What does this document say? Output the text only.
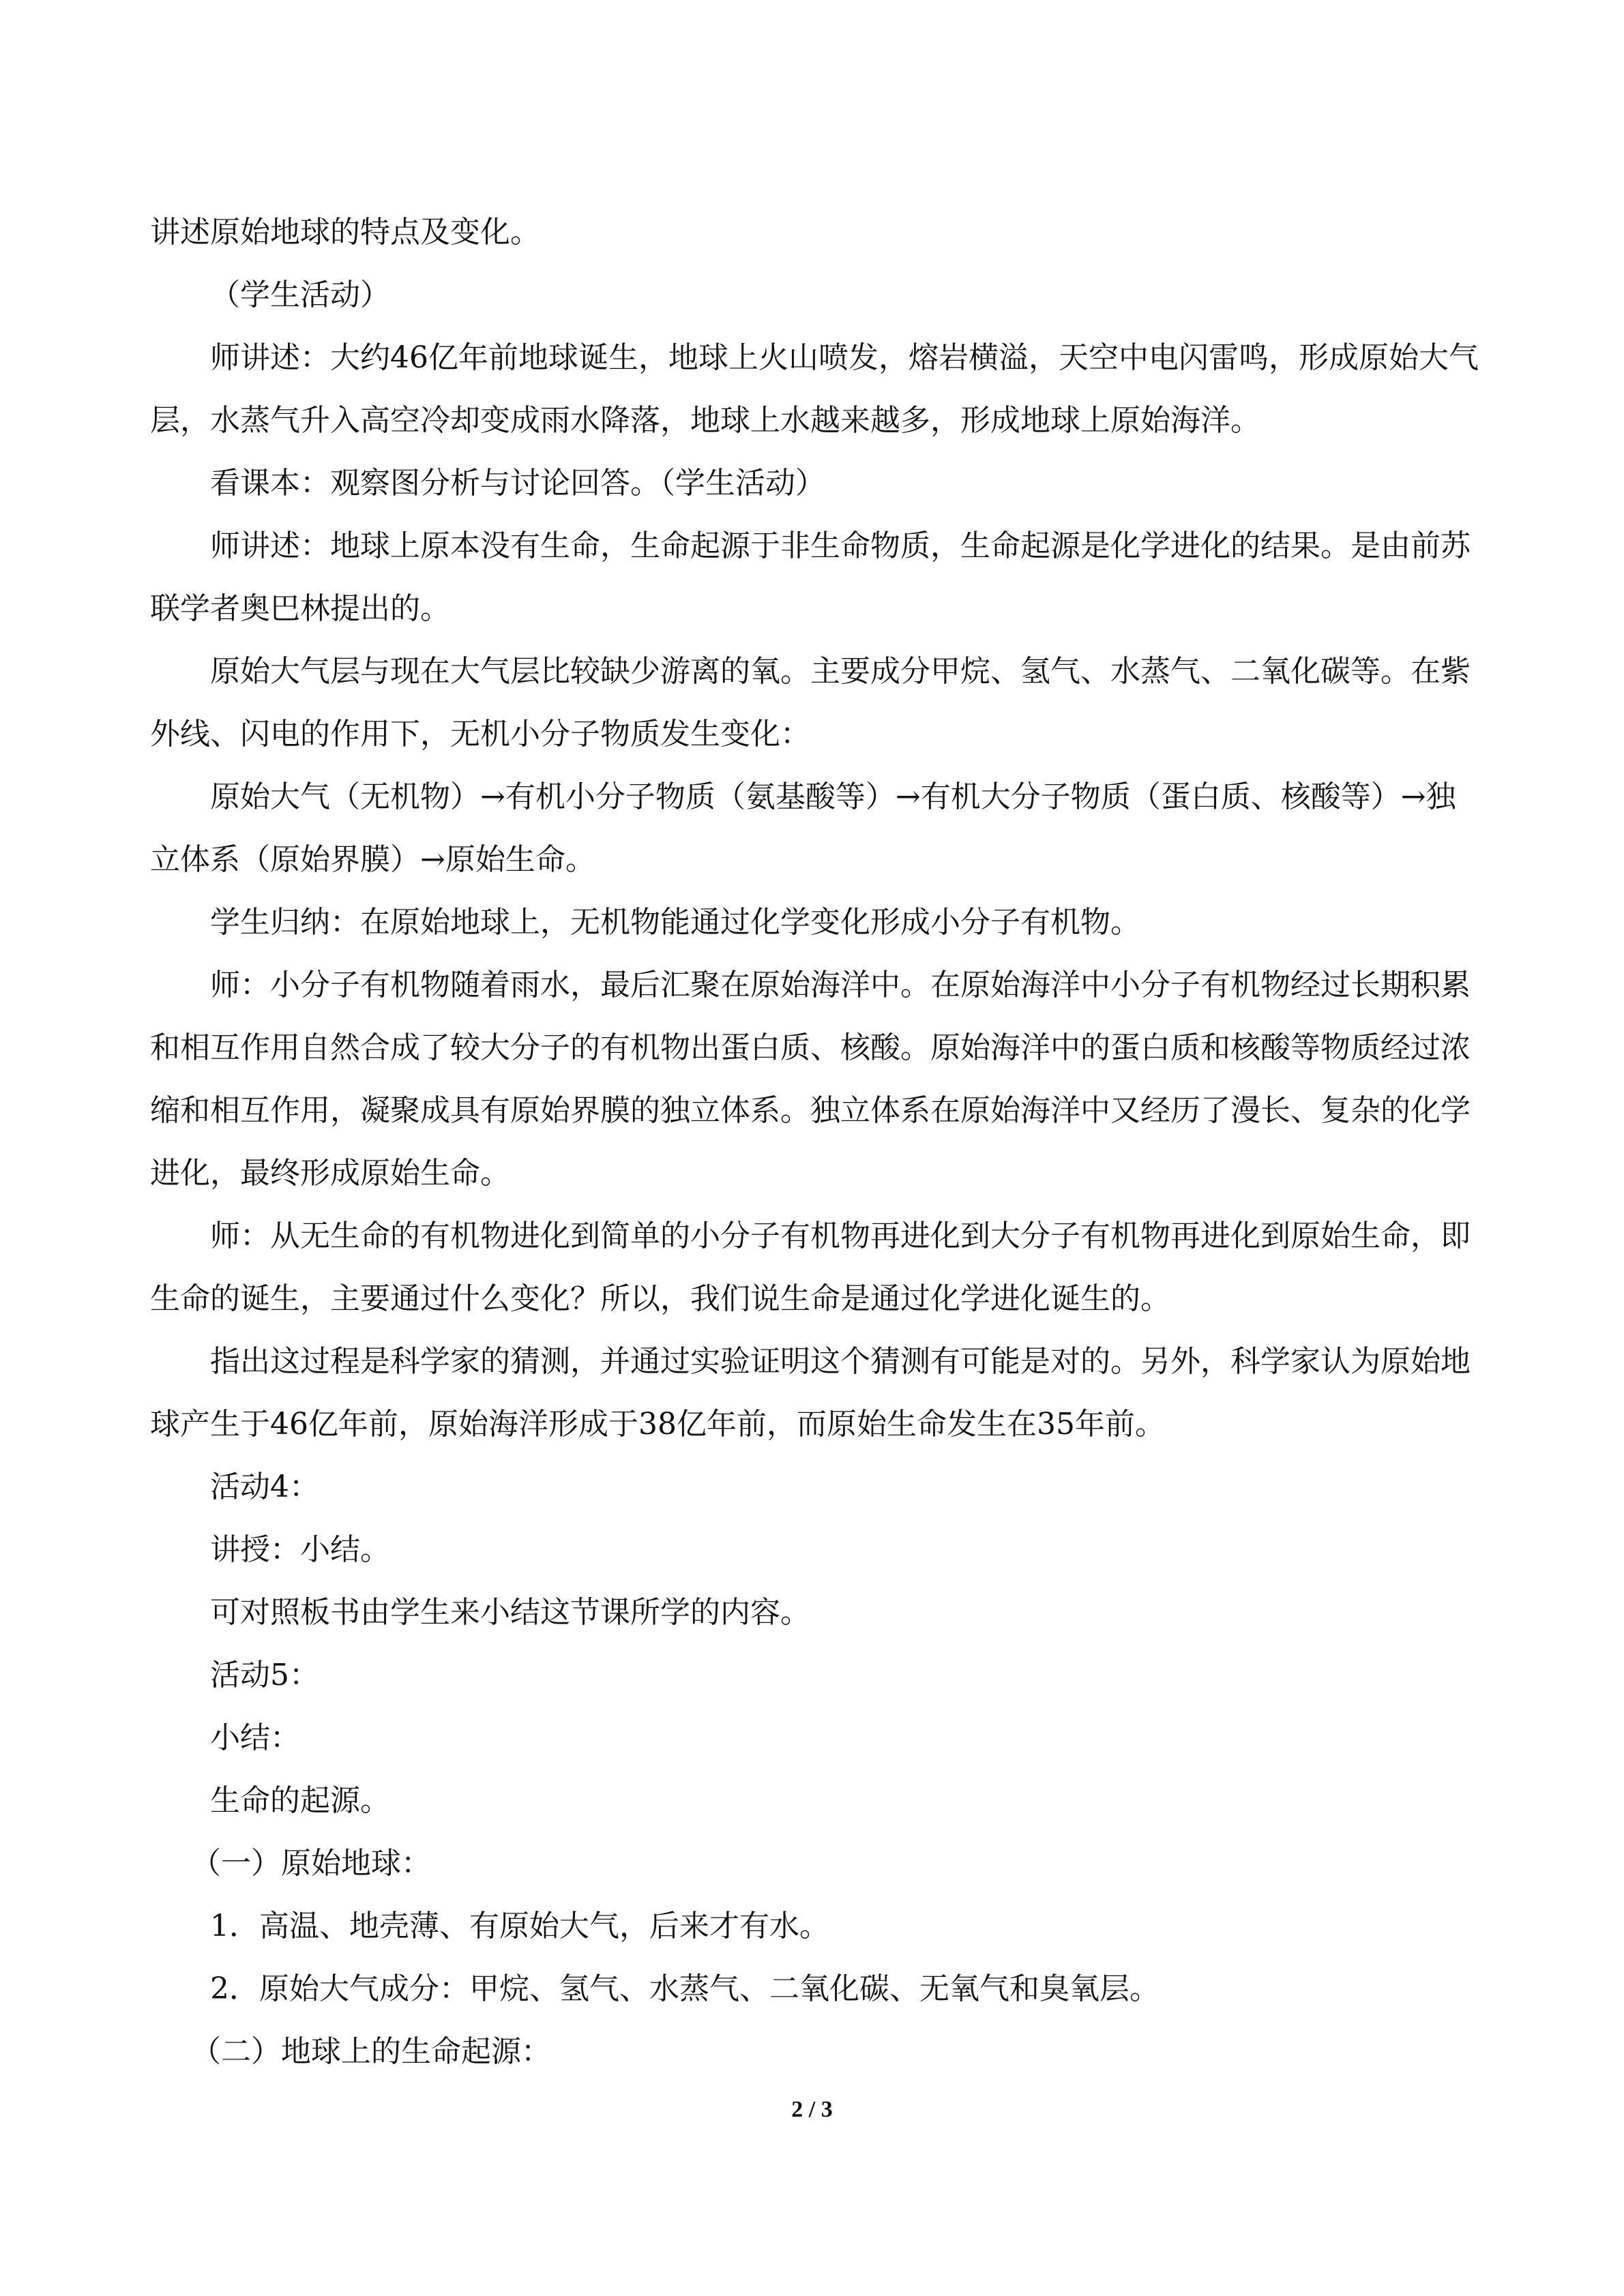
讲述原始地球的特点及变化。

（学生活动）

师讲述：大约46亿年前地球诞生，地球上火山喷发，熔岩横溢，天空中电闪雷鸣，形成原始大气层，水蒸气升入高空冷却变成雨水降落，地球上水越来越多，形成地球上原始海洋。

看课本：观察图分析与讨论回答。（学生活动）

师讲述：地球上原本没有生命，生命起源于非生命物质，生命起源是化学进化的结果。是由前苏联学者奥巴林提出的。

原始大气层与现在大气层比较缺少游离的氧。主要成分甲烷、氢气、水蒸气、二氧化碳等。在紫外线、闪电的作用下，无机小分子物质发生变化：

原始大气（无机物）→有机小分子物质（氨基酸等）→有机大分子物质（蛋白质、核酸等）→独立体系（原始界膜）→原始生命。

学生归纳：在原始地球上，无机物能通过化学变化形成小分子有机物。

师：小分子有机物随着雨水，最后汇聚在原始海洋中。在原始海洋中小分子有机物经过长期积累和相互作用自然合成了较大分子的有机物出蛋白质、核酸。原始海洋中的蛋白质和核酸等物质经过浓缩和相互作用，凝聚成具有原始界膜的独立体系。独立体系在原始海洋中又经历了漫长、复杂的化学进化，最终形成原始生命。

师：从无生命的有机物进化到简单的小分子有机物再进化到大分子有机物再进化到原始生命，即生命的诞生，主要通过什么变化？所以，我们说生命是通过化学进化诞生的。

指出这过程是科学家的猜测，并通过实验证明这个猜测有可能是对的。另外，科学家认为原始地球产生于46亿年前，原始海洋形成于38亿年前，而原始生命发生在35年前。

活动4：

讲授：小结。

可对照板书由学生来小结这节课所学的内容。

活动5：

小结：

生命的起源。

（一）原始地球：

1．高温、地壳薄、有原始大气，后来才有水。

2．原始大气成分：甲烷、氢气、水蒸气、二氧化碳、无氧气和臭氧层。

（二）地球上的生命起源：

2 / 3
